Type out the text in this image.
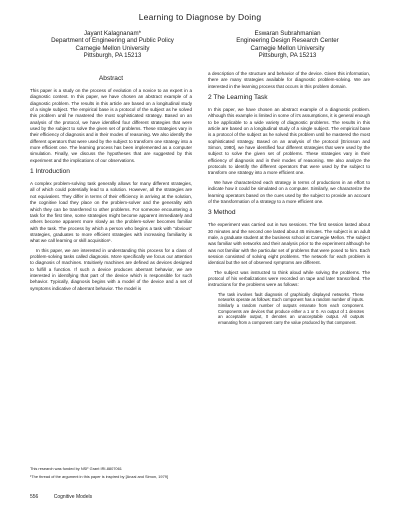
Learning to Diagnose by Doing
Jayant Kalagnanam*
Department of Engineering and Public Policy
Carnegie Mellon University
Pittsburgh, PA 15213
Eswaran Subrahmanian
Engineering Design Research Center
Carnegie Mellon University
Pittsburgh, PA 15213
Abstract

This paper is a study on the process of evolution of a novice to an expert in a diagnostic context. In this paper, we have chosen an abstract example of a diagnostic problem. The results in this article are based on a longitudinal study of a single subject. The empirical base is a protocol of the subject as he solved this problem until he mastered the most sophisticated strategy. Based on an analysis of the protocol, we have identified four different strategies that were used by the subject to solve the given set of problems. These strategies vary in their efficiency of diagnosis and in their modes of reasoning. We also identify the different operators that were used by the subject to transform one strategy into a more efficient one. The learning process has been implemented as a computer simulation. Finally, we discuss the hypotheses that are suggested by this experiment and the implications of our observations.

1 Introduction

A complex problem-solving task generally allows for many different strategies, all of which could potentially lead to a solution. However, all the strategies are not equivalent. They differ in terms of their efficiency in arriving at the solution, the cognitive load they place on the problem-solver and the generality with which they can be transferred to other problems. For someone encountering a task for the first time, some strategies might become apparent immediately and others become apparent more slowly as the problem-solver becomes familiar with the task. The process by which a person who begins a task with "obvious" strategies, graduates to more efficient strategies with increasing familiarity is what we call learning or skill acquisition¹.

In this paper, we are interested in understanding this process for a class of problem-solving tasks called diagnosis. More specifically we focus our attention to diagnosis of machines. Intuitively machines are defined as devices designed to fulfill a function. If such a device produces aberrant behavior, we are interested in identifying that part of the device which is responsible for such behavior. Typically, diagnosis begins with a model of the device and a set of symptoms indicative of aberrant behavior. The model is

This research was funded by NSF Grant IRI-8807061

¹The thread of the argument in this paper is inspired by [Anzai and Simon, 1979]

a description of the structure and behavior of the device. Given this information, there are many strategies available for diagnostic problem-solving. We are interested in the learning process that occurs in this problem domain.

2 The Learning Task

In this paper, we have chosen an abstract example of a diagnostic problem. Although this example is limited in some of it's assumptions, it is general enough to be applicable to a wide variety of diagnostic problems. The results in this article are based on a longitudinal study of a single subject. The empirical base is a protocol of the subject as he solved this problem until he mastered the most sophisticated strategy. Based on an analysis of the protocol [Ericsson and Simon, 1980], we have identified four different strategies that were used by the subject to solve the given set of problems. These strategies vary in their efficiency of diagnosis and in their modes of reasoning. We also analyze the protocols to identify the different operators that were used by the subject to transform one strategy into a more efficient one.

We have characterized each strategy in terms of productions in an effort to indicate how it could be simulated on a computer. Similarly, we characterize the learning operators based on the cues used by the subject to provide an account of the transformation of a strategy to a more efficient one.

3 Method

The experiment was carried out in two sessions. The first session lasted about 30 minutes and the second one lasted about 45 minutes. The subject is an adult male, a graduate student at the business school at Carnegie Mellon. The subject was familiar with networks and their analysis prior to the experiment although he was not familiar with the particular set of problems that were posed to him. Each session consisted of solving eight problems. The network for each problem is identical but the set of observed symptoms are different.

The subject was instructed to think aloud while solving the problems. The protocol of his verbalizations were recorded on tape and later transcribed. The instructions for the problems were as follows:

The task involves fault diagnosis of graphically displayed networks. These networks operate as follows: Each component has a random number of inputs. Similarly a random number of outputs emanate from each component. Components are devices that produce either a 1 or 0. An output of 1 denotes an acceptable output, 0 denotes an unacceptable output. All outputs emanating from a component carry the value produced by that component.
556	Cognitive Models
